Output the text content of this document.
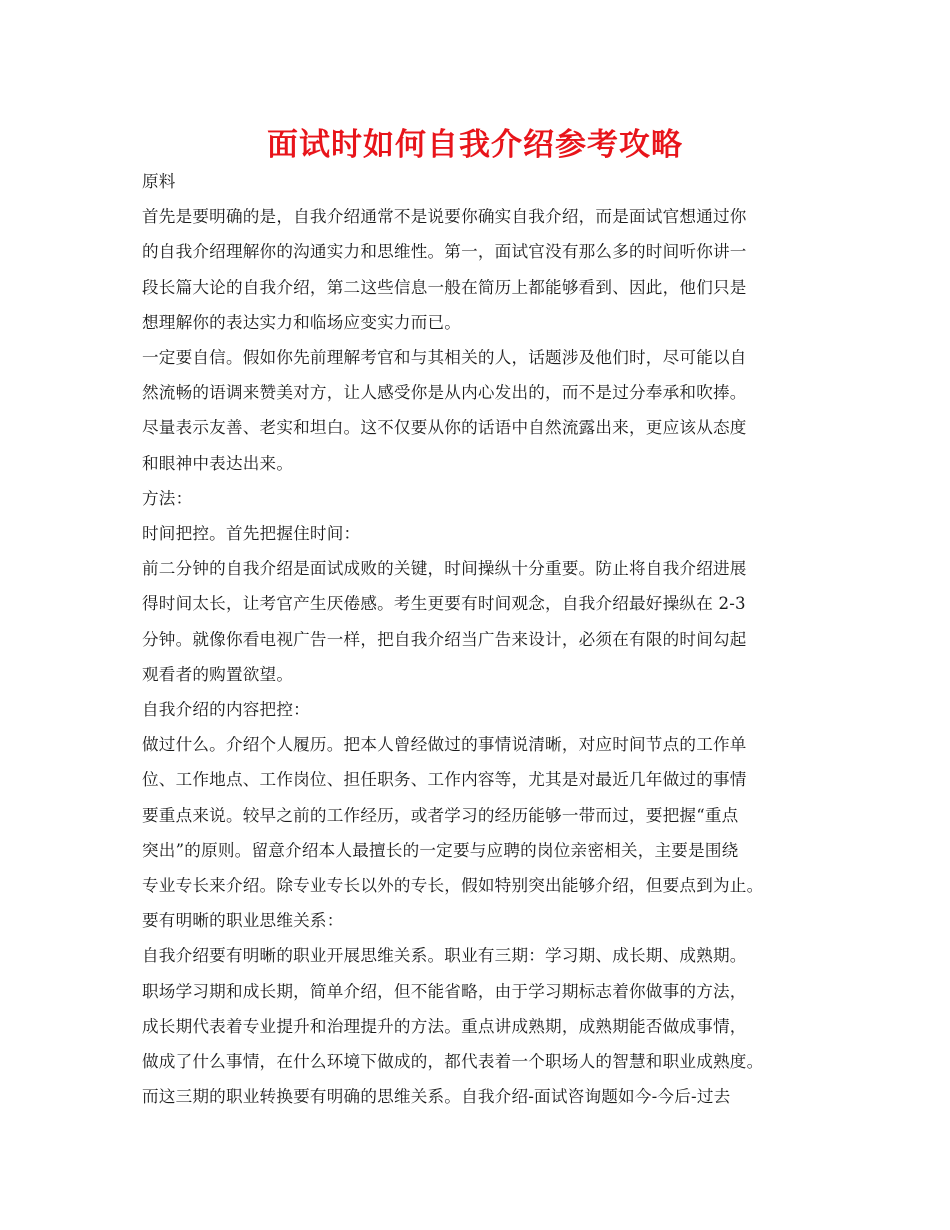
面试时如何自我介绍参考攻略

原料

首先是要明确的是，自我介绍通常不是说要你确实自我介绍，而是面试官想通过你

的自我介绍理解你的沟通实力和思维性。第一，面试官没有那么多的时间听你讲一

段长篇大论的自我介绍，第二这些信息一般在简历上都能够看到、因此，他们只是

想理解你的表达实力和临场应变实力而已。

一定要自信。假如你先前理解考官和与其相关的人，话题涉及他们时，尽可能以自

然流畅的语调来赞美对方，让人感受你是从内心发出的，而不是过分奉承和吹捧。

尽量表示友善、老实和坦白。这不仅要从你的话语中自然流露出来，更应该从态度

和眼神中表达出来。

方法：

时间把控。首先把握住时间：

前二分钟的自我介绍是面试成败的关键，时间操纵十分重要。防止将自我介绍进展

得时间太长，让考官产生厌倦感。考生更要有时间观念，自我介绍最好操纵在 2-3

分钟。就像你看电视广告一样，把自我介绍当广告来设计，必须在有限的时间勾起

观看者的购置欲望。

自我介绍的内容把控：

做过什么。介绍个人履历。把本人曾经做过的事情说清晰，对应时间节点的工作单

位、工作地点、工作岗位、担任职务、工作内容等，尤其是对最近几年做过的事情

要重点来说。较早之前的工作经历，或者学习的经历能够一带而过，要把握“重点

突出”的原则。留意介绍本人最擅长的一定要与应聘的岗位亲密相关，主要是围绕

专业专长来介绍。除专业专长以外的专长，假如特别突出能够介绍，但要点到为止。

要有明晰的职业思维关系：

自我介绍要有明晰的职业开展思维关系。职业有三期：学习期、成长期、成熟期。

职场学习期和成长期，简单介绍，但不能省略，由于学习期标志着你做事的方法，

成长期代表着专业提升和治理提升的方法。重点讲成熟期，成熟期能否做成事情，

做成了什么事情，在什么环境下做成的，都代表着一个职场人的智慧和职业成熟度。

而这三期的职业转换要有明确的思维关系。自我介绍-面试咨询题如今-今后-过去
